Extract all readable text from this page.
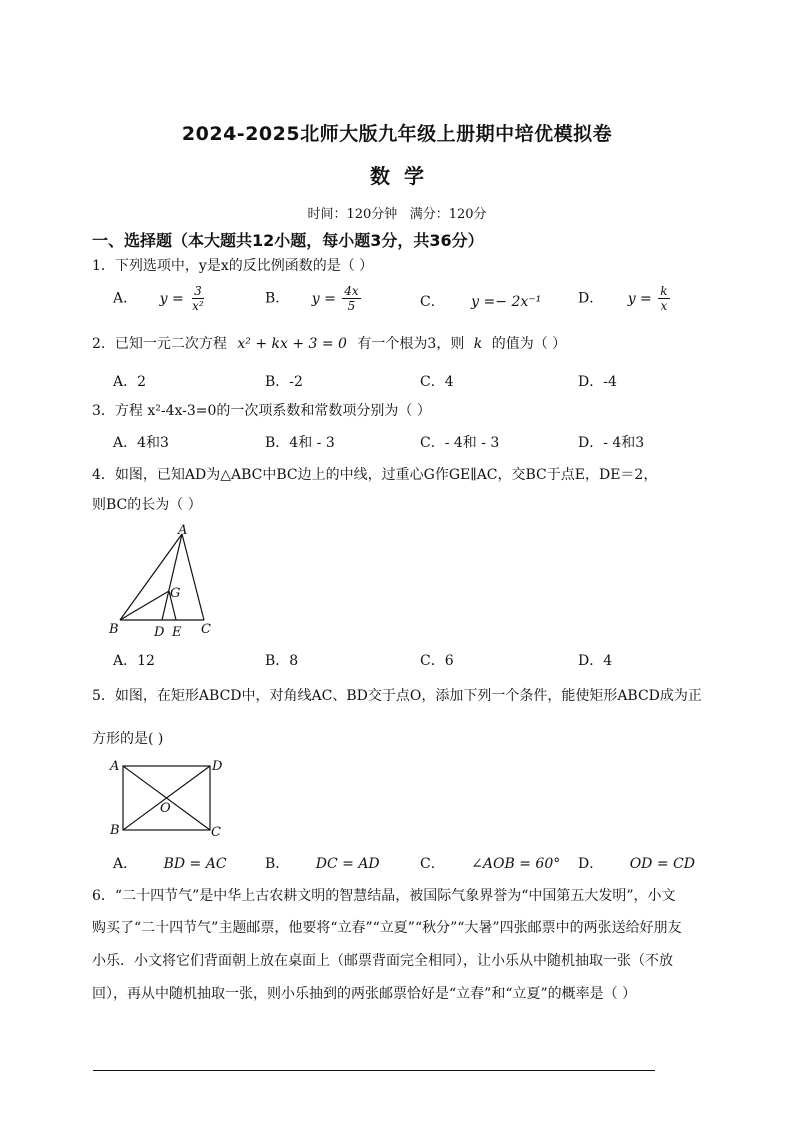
2024-2025北师大版九年级上册期中培优模拟卷
数  学
时间：120分钟   满分：120分
一、选择题（本大题共12小题，每小题3分，共36分）
1．下列选项中，y是x的反比例函数的是（ ）
A． $y = \frac{3}{\text{x²}}$	B． $y = \frac{4x}{5}$	C． y =− 2x⁻¹	D． $y = \frac{k}{x}$
2．已知一元二次方程 x² + kx + 3 = 0 有一个根为3，则 k 的值为（ ）
A．2	B．-2	C．4	D．-4
3．方程 x²-4x-3=0的一次项系数和常数项分别为（ ）
A．4和3	B．4和 - 3	C．- 4和 - 3	D．- 4和3
4．如图，已知AD为△ABC中BC边上的中线，过重心G作GE∥AC，交BC于点E，DE＝2，
则BC的长为（ ）
A
B	C
D E
G
A．12	B．8	C．6	D．4
5．如图，在矩形ABCD中，对角线AC、BD交于点O，添加下列一个条件，能使矩形ABCD成为正
方形的是( )
A	D
B	C
O
A． BD = AC	B． DC = AD	C． ∠AOB = 60° D． OD = CD
6．“二十四节气”是中华上古农耕文明的智慧结晶，被国际气象界誉为“中国第五大发明”，小文
购买了“二十四节气”主题邮票，他要将“立春”“立夏”“秋分”“大暑”四张邮票中的两张送给好朋友
小乐．小文将它们背面朝上放在桌面上（邮票背面完全相同），让小乐从中随机抽取一张（不放
回），再从中随机抽取一张，则小乐抽到的两张邮票恰好是“立春”和“立夏”的概率是（ ）
